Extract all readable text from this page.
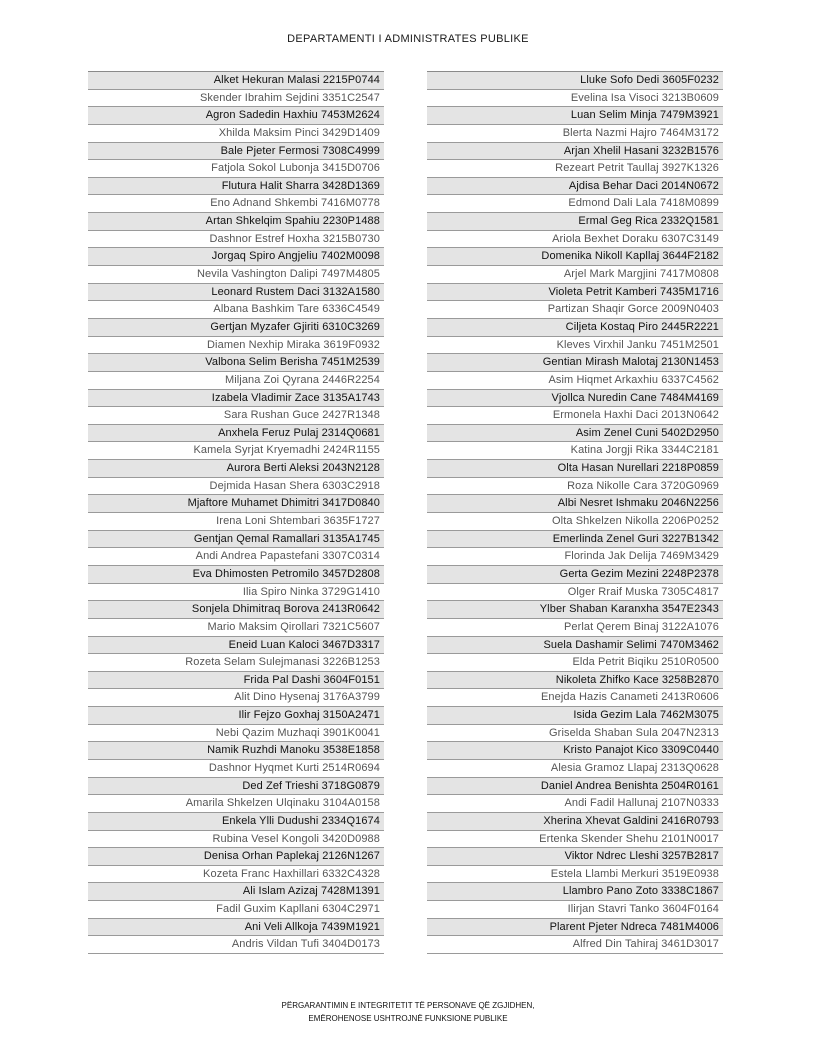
DEPARTAMENTI I ADMINISTRATES PUBLIKE
Alket Hekuran Malasi 2215P0744
Skender Ibrahim Sejdini 3351C2547
Agron Sadedin Haxhiu 7453M2624
Xhilda Maksim Pinci 3429D1409
Bale Pjeter Fermosi 7308C4999
Fatjola Sokol Lubonja 3415D0706
Flutura Halit Sharra 3428D1369
Eno Adnand Shkembi 7416M0778
Artan Shkelqim Spahiu 2230P1488
Dashnor Estref Hoxha 3215B0730
Jorgaq Spiro Angjeliu 7402M0098
Nevila Vashington Dalipi 7497M4805
Leonard Rustem Daci 3132A1580
Albana Bashkim Tare 6336C4549
Gertjan Myzafer Gjiriti 6310C3269
Diamen Nexhip Miraka 3619F0932
Valbona Selim Berisha 7451M2539
Miljana Zoi Qyrana 2446R2254
Izabela Vladimir Zace 3135A1743
Sara Rushan Guce 2427R1348
Anxhela Feruz Pulaj 2314Q0681
Kamela Syrjat Kryemadhi 2424R1155
Aurora Berti Aleksi 2043N2128
Dejmida Hasan Shera 6303C2918
Mjaftore Muhamet Dhimitri 3417D0840
Irena Loni Shtembari 3635F1727
Gentjan Qemal Ramallari 3135A1745
Andi Andrea Papastefani 3307C0314
Eva Dhimosten Petromilo 3457D2808
Ilia Spiro Ninka 3729G1410
Sonjela Dhimitraq Borova 2413R0642
Mario Maksim Qirollari 7321C5607
Eneid Luan Kaloci 3467D3317
Rozeta Selam Sulejmanasi 3226B1253
Frida Pal Dashi 3604F0151
Alit Dino Hysenaj 3176A3799
Ilir Fejzo Goxhaj 3150A2471
Nebi Qazim Muzhaqi 3901K0041
Namik Ruzhdi Manoku 3538E1858
Dashnor Hyqmet Kurti 2514R0694
Ded Zef Trieshi 3718G0879
Amarila Shkelzen Ulqinaku 3104A0158
Enkela Ylli Dudushi 2334Q1674
Rubina Vesel Kongoli 3420D0988
Denisa Orhan Paplekaj 2126N1267
Kozeta Franc Haxhillari 6332C4328
Ali Islam Azizaj 7428M1391
Fadil Guxim Kapllani 6304C2971
Ani Veli Allkoja 7439M1921
Andris Vildan Tufi 3404D0173
Lluke Sofo Dedi 3605F0232
Evelina Isa Visoci 3213B0609
Luan Selim Minja 7479M3921
Blerta Nazmi Hajro 7464M3172
Arjan Xhelil Hasani 3232B1576
Rezeart Petrit Taullaj 3927K1326
Ajdisa Behar Daci 2014N0672
Edmond Dali Lala 7418M0899
Ermal Geg Rica 2332Q1581
Ariola Bexhet Doraku 6307C3149
Domenika Nikoll Kapllaj 3644F2182
Arjel Mark Margjini 7417M0808
Violeta Petrit Kamberi 7435M1716
Partizan Shaqir Gorce 2009N0403
Ciljeta Kostaq Piro 2445R2221
Kleves Virxhil Janku 7451M2501
Gentian Mirash Malotaj 2130N1453
Asim Hiqmet Arkaxhiu 6337C4562
Vjollca Nuredin Cane 7484M4169
Ermonela Haxhi Daci 2013N0642
Asim Zenel Cuni 5402D2950
Katina Jorgji Rika 3344C2181
Olta Hasan Nurellari 2218P0859
Roza Nikolle Cara 3720G0969
Albi Nesret Ishmaku 2046N2256
Olta Shkelzen Nikolla 2206P0252
Emerlinda Zenel Guri 3227B1342
Florinda Jak Delija 7469M3429
Gerta Gezim Mezini 2248P2378
Olger Rraif Muska 7305C4817
Ylber Shaban Karanxha 3547E2343
Perlat Qerem Binaj 3122A1076
Suela Dashamir Selimi 7470M3462
Elda Petrit Biqiku 2510R0500
Nikoleta Zhifko Kace 3258B2870
Enejda Hazis Canameti 2413R0606
Isida Gezim Lala 7462M3075
Griselda Shaban Sula 2047N2313
Kristo Panajot Kico 3309C0440
Alesia Gramoz Llapaj 2313Q0628
Daniel Andrea Benishta 2504R0161
Andi Fadil Hallunaj 2107N0333
Xherina Xhevat Galdini 2416R0793
Ertenka Skender Shehu 2101N0017
Viktor Ndrec Lleshi 3257B2817
Estela Llambi Merkuri 3519E0938
Llambro Pano Zoto 3338C1867
Ilirjan Stavri Tanko 3604F0164
Plarent Pjeter Ndreca 7481M4006
Alfred Din Tahiraj 3461D3017
PËRGARANTIMIN E INTEGRITETIT TË PERSONAVE QË ZGJIDHEN,
EMËROHENOSE USHTROJNË FUNKSIONE PUBLIKE
